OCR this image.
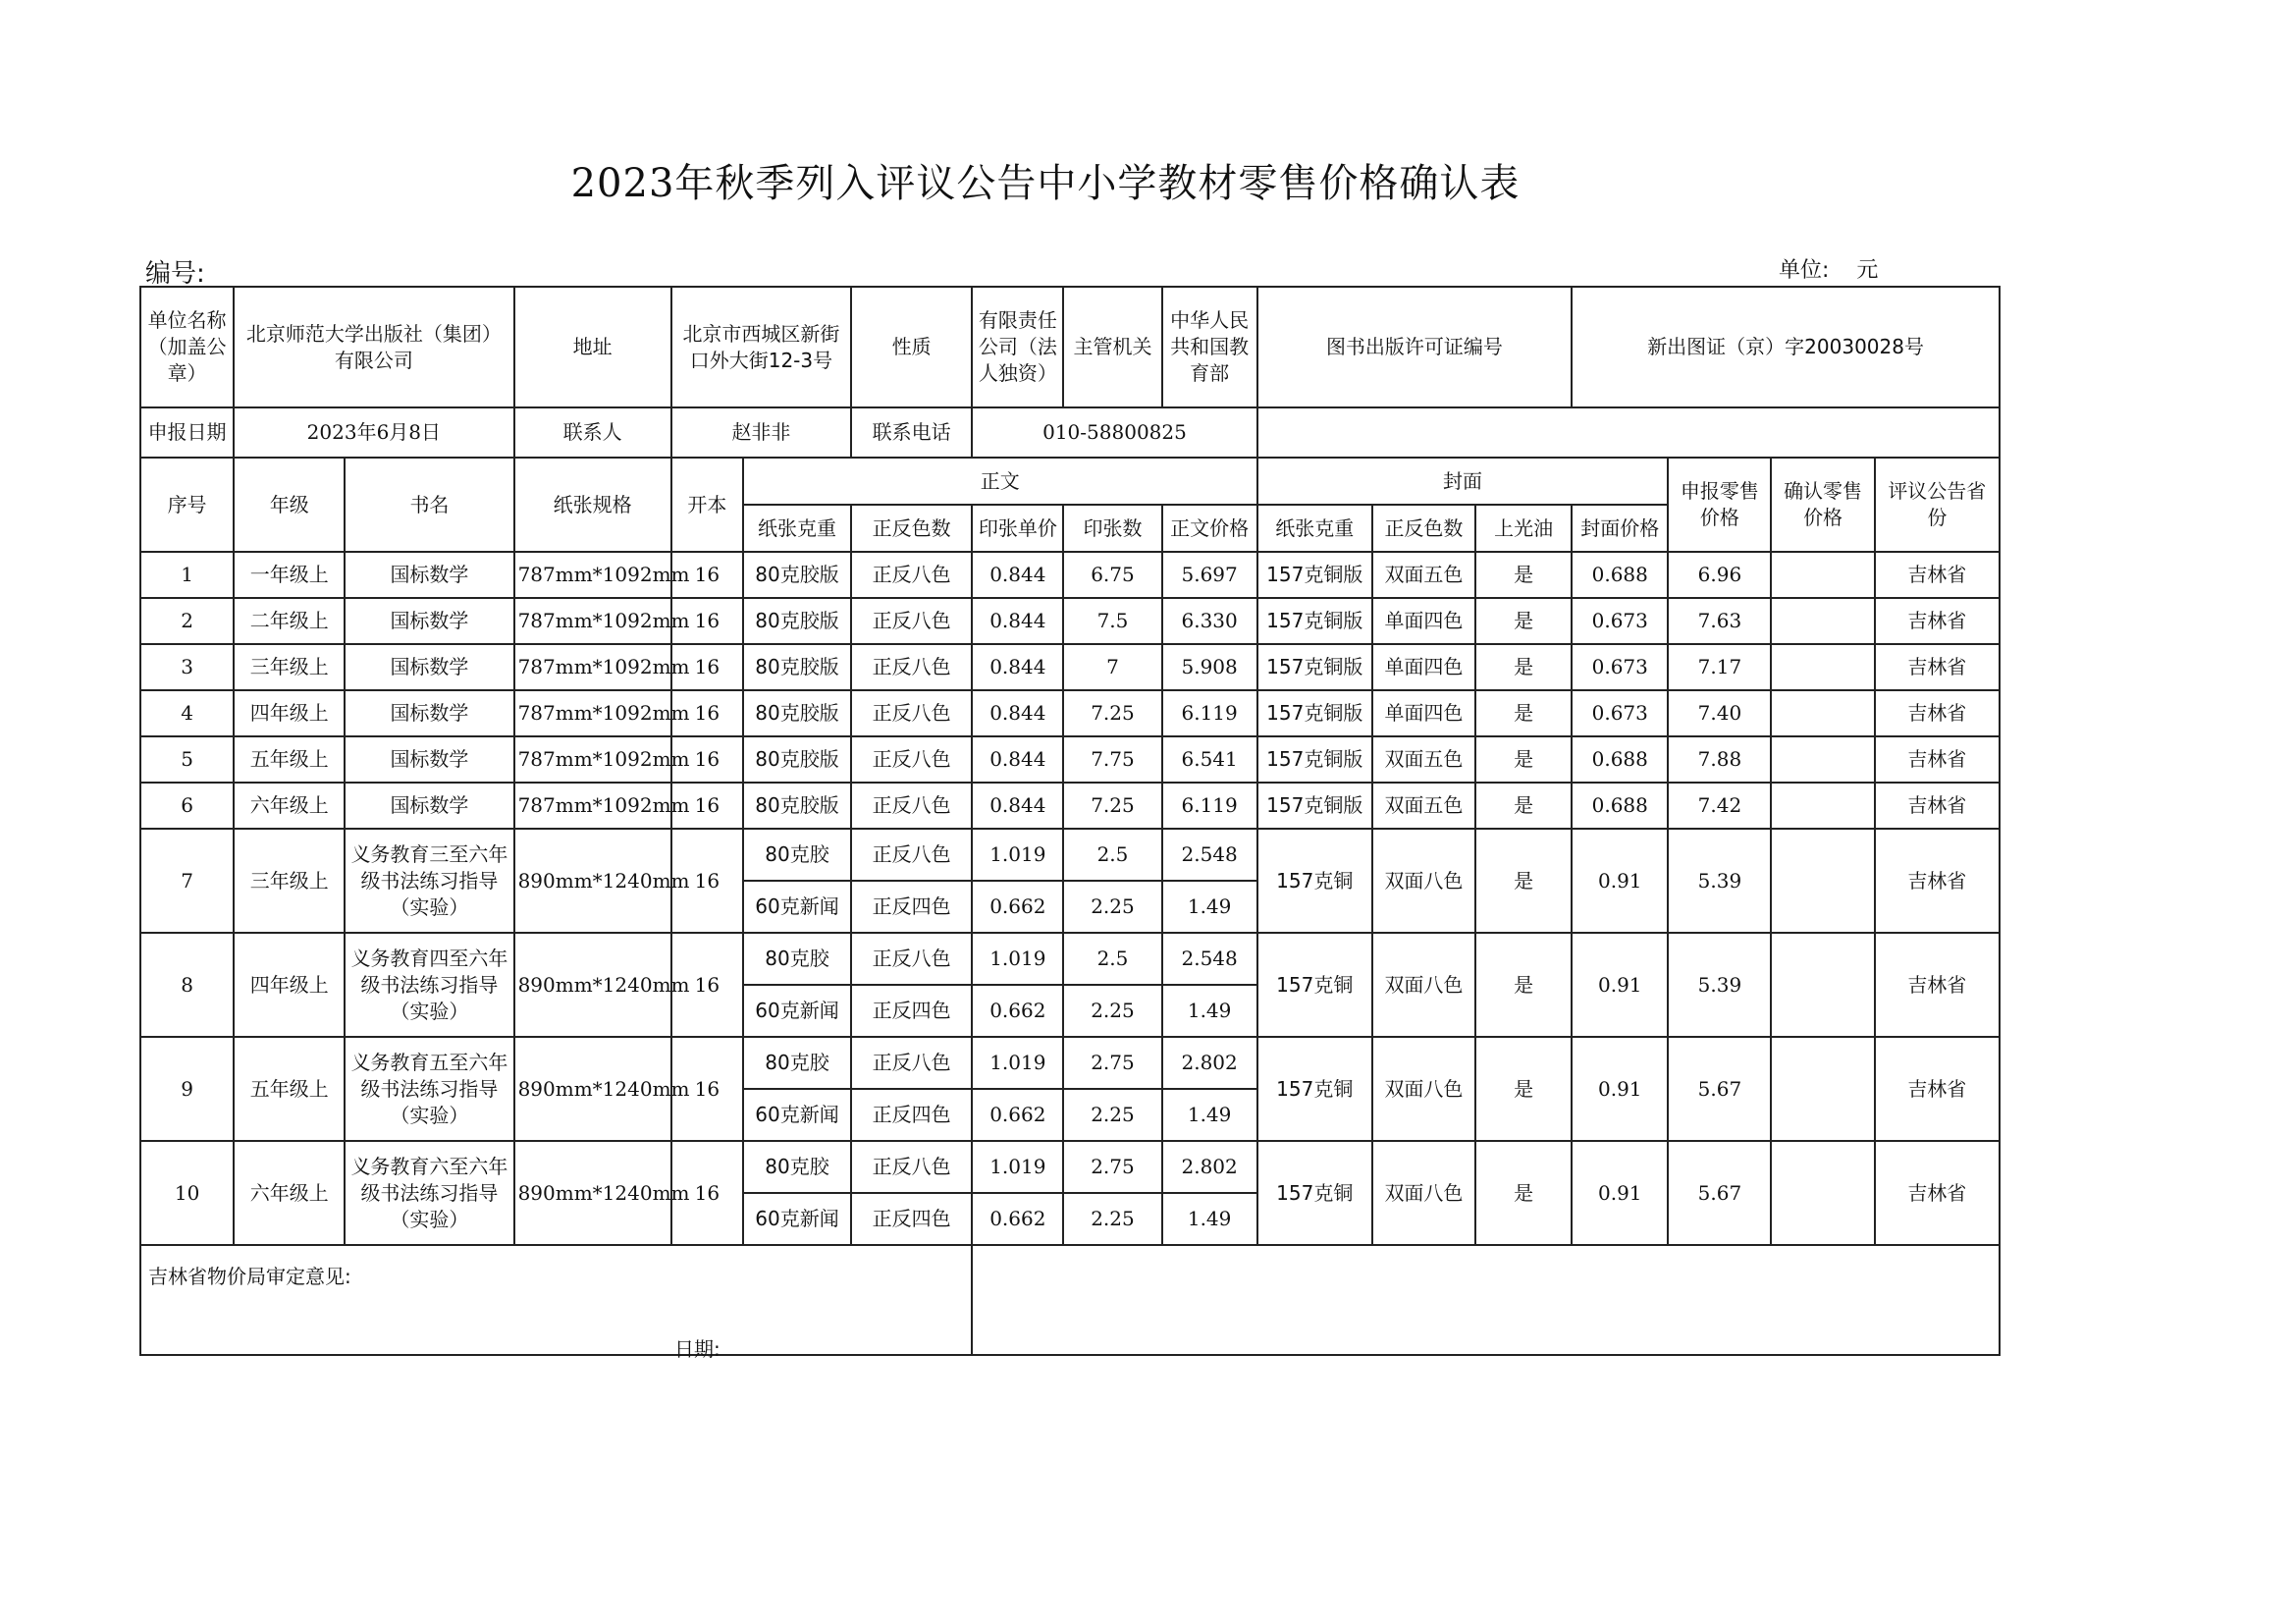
2023年秋季列入评议公告中小学教材零售价格确认表
编号:	单位: 元
单位名称（加盖公章）	北京师范大学出版社（集团）有限公司		地址	北京市西城区新街口外大街12-3号		性质	有限责任公司（法人独资）	主管机关	中华人民共和国教育部	图书出版许可证编号			新出图证（京）字20030028号			
申报日期	2023年6月8日		联系人	赵非非		联系电话	010-58800825									
序号	年级	书名	纸张规格	开本	正文					封面				申报零售价格	确认零售价格	评议公告省份
					纸张克重	正反色数	印张单价	印张数	正文价格	纸张克重	正反色数	上光油	封面价格			
1	一年级上	国标数学	787mm*1092mm	16	80克胶版	正反八色	0.844	6.75	5.697	157克铜版	双面五色	是	0.688	6.96		吉林省
2	二年级上	国标数学	787mm*1092mm	16	80克胶版	正反八色	0.844	7.5	6.330	157克铜版	单面四色	是	0.673	7.63		吉林省
3	三年级上	国标数学	787mm*1092mm	16	80克胶版	正反八色	0.844	7	5.908	157克铜版	单面四色	是	0.673	7.17		吉林省
4	四年级上	国标数学	787mm*1092mm	16	80克胶版	正反八色	0.844	7.25	6.119	157克铜版	单面四色	是	0.673	7.40		吉林省
5	五年级上	国标数学	787mm*1092mm	16	80克胶版	正反八色	0.844	7.75	6.541	157克铜版	双面五色	是	0.688	7.88		吉林省
6	六年级上	国标数学	787mm*1092mm	16	80克胶版	正反八色	0.844	7.25	6.119	157克铜版	双面五色	是	0.688	7.42		吉林省
7	三年级上	义务教育三至六年级书法练习指导（实验）	890mm*1240mm	16	80克胶	正反八色	1.019	2.5	2.548	157克铜	双面八色	是	0.91	5.39		吉林省
					60克新闻	正反四色	0.662	2.25	1.49							
8	四年级上	义务教育四至六年级书法练习指导（实验）	890mm*1240mm	16	80克胶	正反八色	1.019	2.5	2.548	157克铜	双面八色	是	0.91	5.39		吉林省
					60克新闻	正反四色	0.662	2.25	1.49							
9	五年级上	义务教育五至六年级书法练习指导（实验）	890mm*1240mm	16	80克胶	正反八色	1.019	2.75	2.802	157克铜	双面八色	是	0.91	5.67		吉林省
					60克新闻	正反四色	0.662	2.25	1.49							
10	六年级上	义务教育六至六年级书法练习指导（实验）	890mm*1240mm	16	80克胶	正反八色	1.019	2.75	2.802	157克铜	双面八色	是	0.91	5.67		吉林省
					60克新闻	正反四色	0.662	2.25	1.49							

吉林省物价局审定意见:
日期:																
